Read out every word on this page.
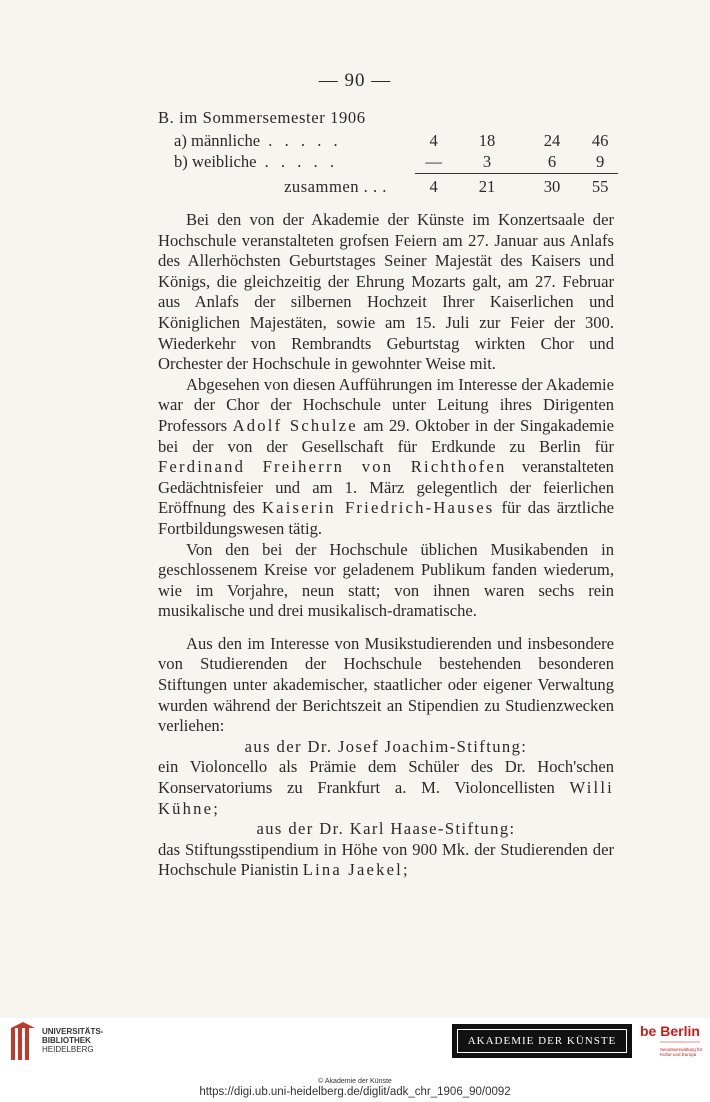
— 90 —
B. im Sommersemester 1906
a) männliche . . . . .	4	18	24	46
b) weibliche . . . . .	—	3	6	9
zusammen . . .	4	21	30	55

Bei den von der Akademie der Künste im Konzertsaale der Hochschule veranstalteten grofsen Feiern am 27. Januar aus Anlafs des Allerhöchsten Geburtstages Seiner Majestät des Kaisers und Königs, die gleichzeitig der Ehrung Mozarts galt, am 27. Februar aus Anlafs der silbernen Hochzeit Ihrer Kaiserlichen und Königlichen Majestäten, sowie am 15. Juli zur Feier der 300. Wiederkehr von Rembrandts Geburtstag wirkten Chor und Orchester der Hochschule in gewohnter Weise mit.

Abgesehen von diesen Aufführungen im Interesse der Akademie war der Chor der Hochschule unter Leitung ihres Dirigenten Professors Adolf Schulze am 29. Oktober in der Singakademie bei der von der Gesellschaft für Erdkunde zu Berlin für Ferdinand Freiherrn von Richthofen veranstalteten Gedächtnisfeier und am 1. März gelegentlich der feierlichen Eröffnung des Kaiserin Friedrich-Hauses für das ärztliche Fortbildungswesen tätig.

Von den bei der Hochschule üblichen Musikabenden in geschlossenem Kreise vor geladenem Publikum fanden wiederum, wie im Vorjahre, neun statt; von ihnen waren sechs rein musikalische und drei musikalisch-dramatische.

Aus den im Interesse von Musikstudierenden und insbesondere von Studierenden der Hochschule bestehenden besonderen Stiftungen unter akademischer, staatlicher oder eigener Verwaltung wurden während der Berichtszeit an Stipendien zu Studienzwecken verliehen:

aus der Dr. Josef Joachim-Stiftung:

ein Violoncello als Prämie dem Schüler des Dr. Hoch'schen Konservatoriums zu Frankfurt a. M. Violoncellisten Willi Kühne;

aus der Dr. Karl Haase-Stiftung:

das Stiftungsstipendium in Höhe von 900 Mk. der Studierenden der Hochschule Pianistin Lina Jaekel;

UNIVERSITÄTS-
BIBLIOTHEK
HEIDELBERG
AKADEMIE DER KÜNSTE
be Berlin
Senatsverwaltung für Kultur und Europa
© Akademie der Künste
https://digi.ub.uni-heidelberg.de/diglit/adk_chr_1906_90/0092
